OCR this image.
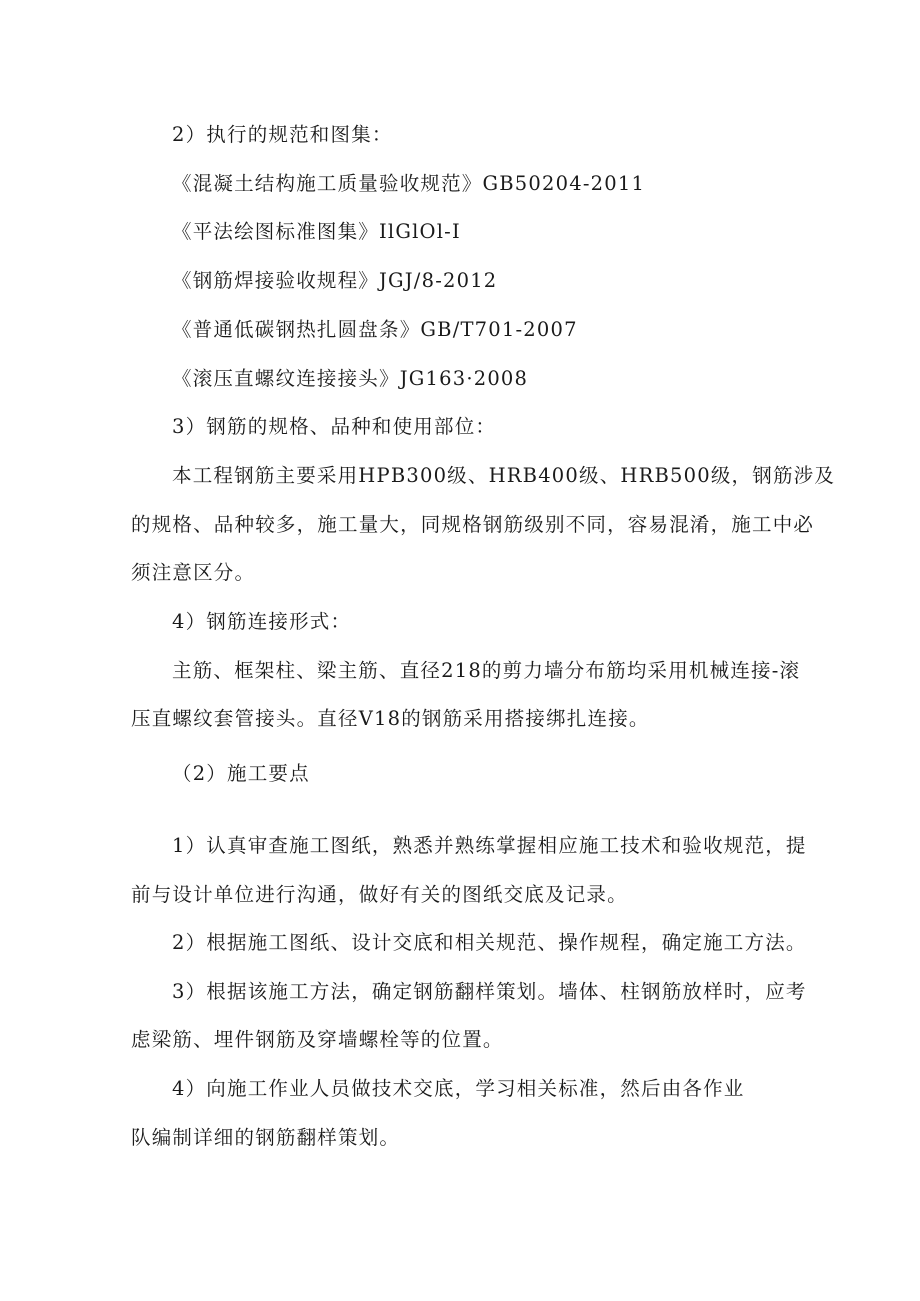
2）执行的规范和图集：
《混凝土结构施工质量验收规范》GB50204-2011
《平法绘图标准图集》IlGlOl-I
《钢筋焊接验收规程》JGJ/8-2012
《普通低碳钢热扎圆盘条》GB/T701-2007
《滚压直螺纹连接接头》JG163·2008
3）钢筋的规格、品种和使用部位：
本工程钢筋主要采用HPB300级、HRB400级、HRB500级，钢筋涉及
的规格、品种较多，施工量大，同规格钢筋级别不同，容易混淆，施工中必
须注意区分。
4）钢筋连接形式：
主筋、框架柱、梁主筋、直径218的剪力墙分布筋均采用机械连接-滚
压直螺纹套管接头。直径V18的钢筋采用搭接绑扎连接。
（2）施工要点
1）认真审查施工图纸，熟悉并熟练掌握相应施工技术和验收规范，提
前与设计单位进行沟通，做好有关的图纸交底及记录。
2）根据施工图纸、设计交底和相关规范、操作规程，确定施工方法。
3）根据该施工方法，确定钢筋翻样策划。墙体、柱钢筋放样时，应考
虑梁筋、埋件钢筋及穿墙螺栓等的位置。
4）向施工作业人员做技术交底，学习相关标准，然后由各作业
队编制详细的钢筋翻样策划。
